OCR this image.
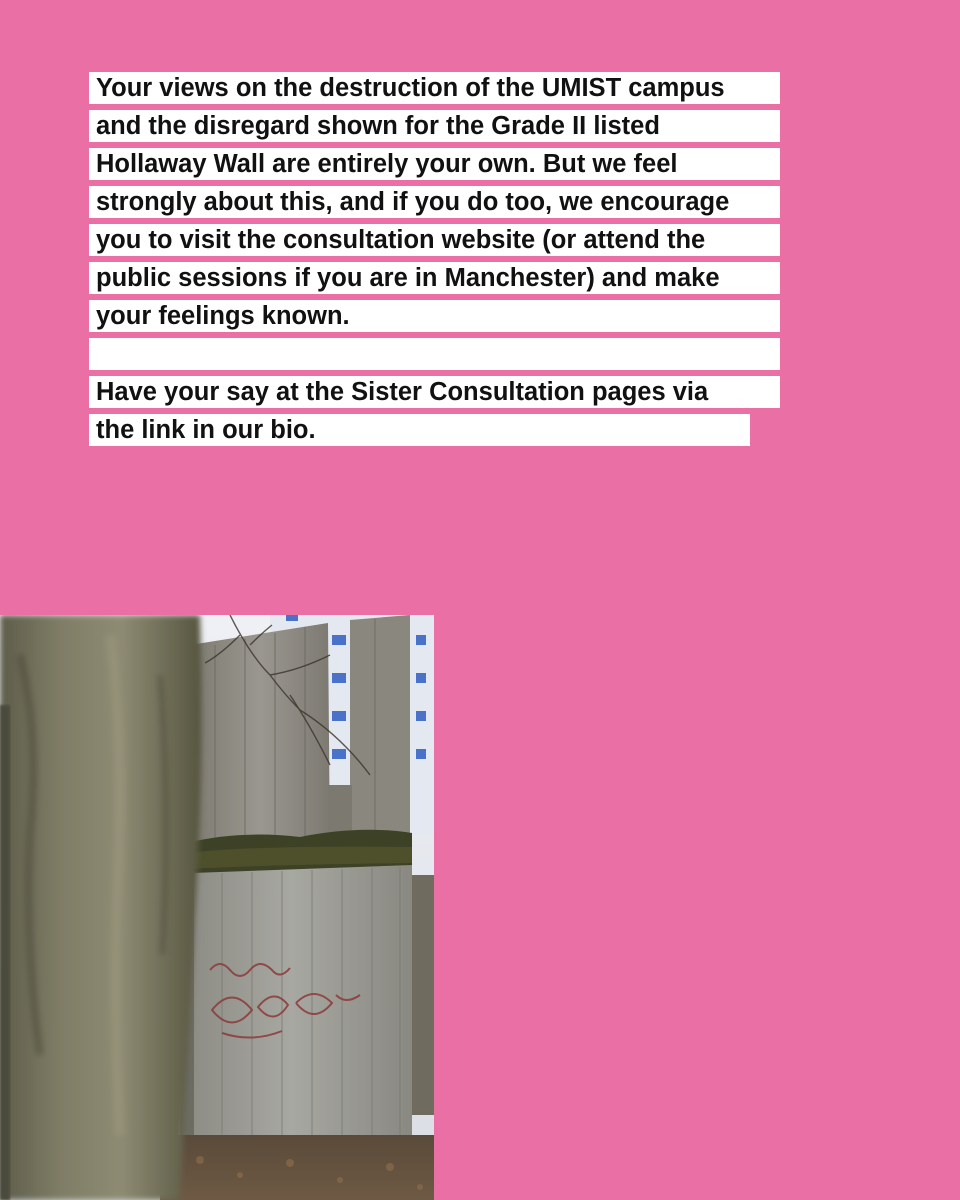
Your views on the destruction of the UMIST campus
and the disregard shown for the Grade II listed
Hollaway Wall are entirely your own. But we feel
strongly about this, and if you do too, we encourage
you to visit the consultation website (or attend the
public sessions if you are in Manchester) and make
your feelings known.
Have your say at the Sister Consultation pages via
the link in our bio.
